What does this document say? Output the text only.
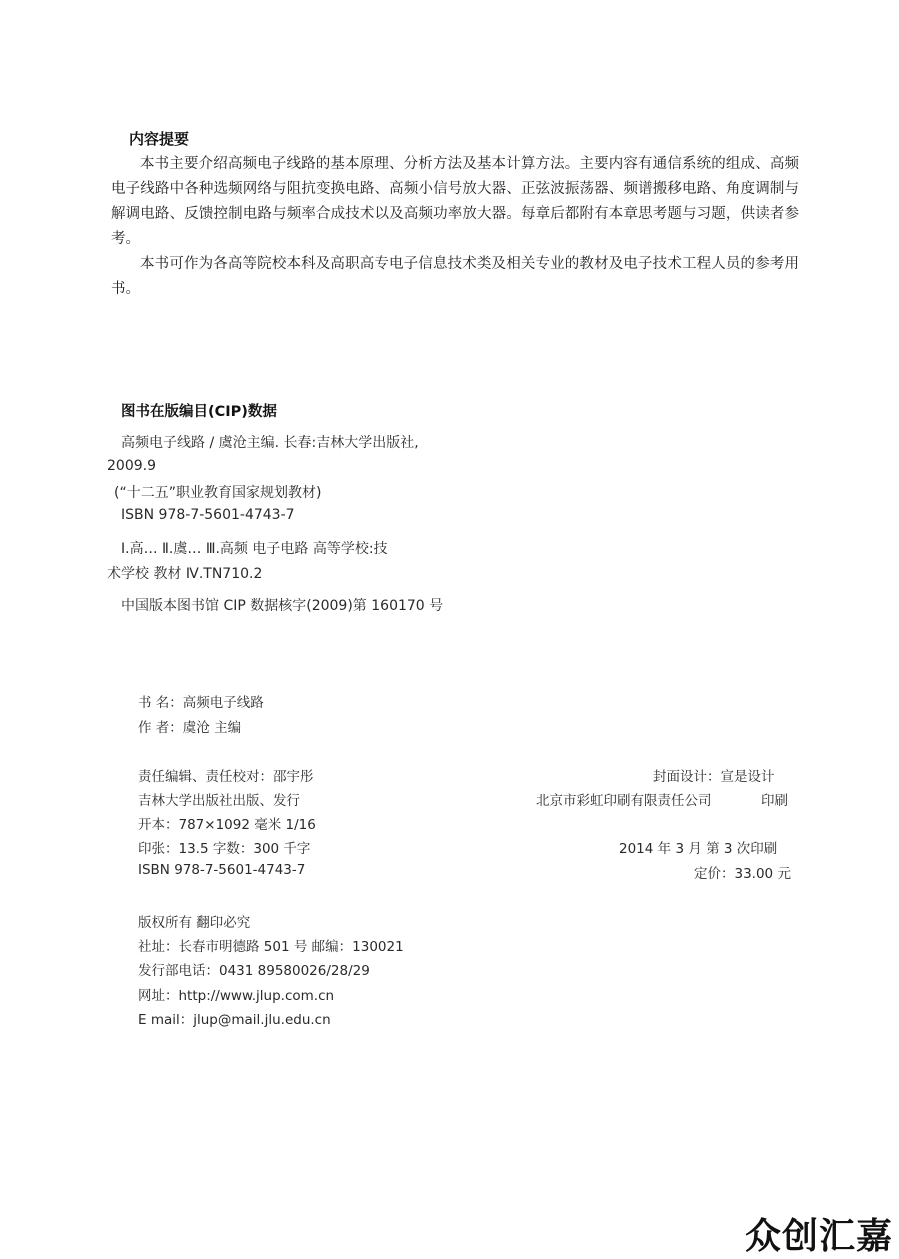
内容提要

本书主要介绍高频电子线路的基本原理、分析方法及基本计算方法。主要内容有通信系统的组成、高频电子线路中各种选频网络与阻抗变换电路、高频小信号放大器、正弦波振荡器、频谱搬移电路、角度调制与解调电路、反馈控制电路与频率合成技术以及高频功率放大器。每章后都附有本章思考题与习题，供读者参考。

本书可作为各高等院校本科及高职高专电子信息技术类及相关专业的教材及电子技术工程人员的参考用书。

图书在版编目(CIP)数据
高频电子线路 / 虞沧主编. 长春:吉林大学出版社,
2009.9
(“十二五”职业教育国家规划教材)
ISBN 978-7-5601-4743-7
Ⅰ.高… Ⅱ.虞… Ⅲ.高频 电子电路 高等学校:技
术学校 教材 Ⅳ.TN710.2
中国版本图书馆 CIP 数据核字(2009)第 160170 号
书 名：高频电子线路
作 者：虞沧 主编
责任编辑、责任校对：邵宇彤	封面设计：宣是设计
吉林大学出版社出版、发行	北京市彩虹印刷有限责任公司	印刷
开本：787×1092 毫米 1/16
印张：13.5 字数：300 千字	2014 年 3 月 第 3 次印刷
ISBN 978-7-5601-4743-7	定价：33.00 元
版权所有 翻印必究
社址：长春市明德路 501 号 邮编：130021
发行部电话：0431 89580026/28/29
网址：http://www.jlup.com.cn
E mail：jlup@mail.jlu.edu.cn
众创汇嘉
